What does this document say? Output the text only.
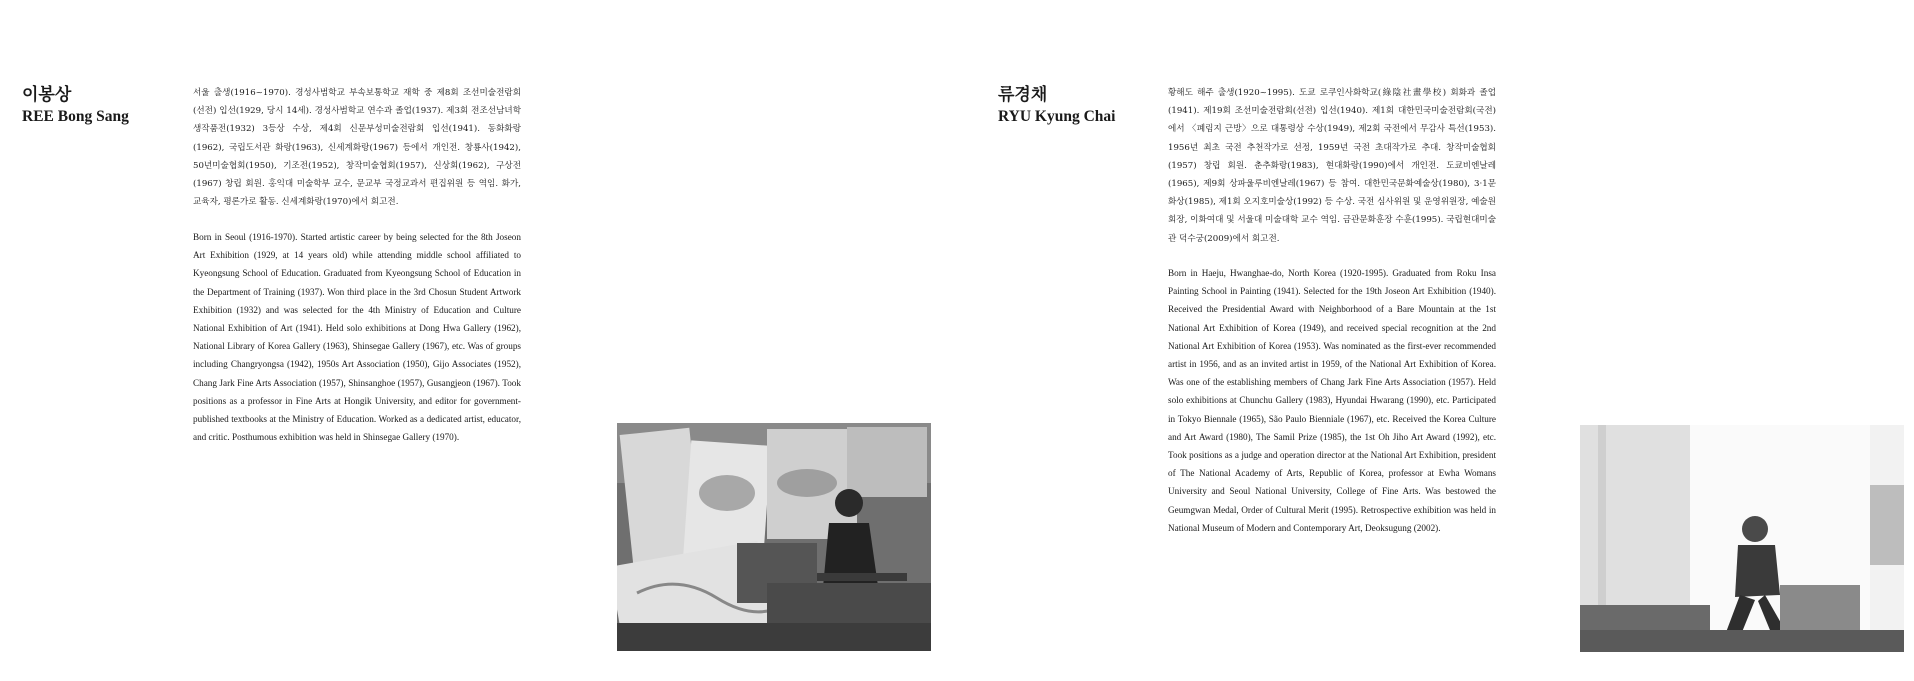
이봉상
REE Bong Sang
서울 출생(1916~1970). 경성사범학교 부속보통학교 재학 중 제8회 조선미술전람회(선전) 입선(1929, 당시 14세). 경성사범학교 연수과 졸업(1937). 제3회 전조선남녀학생작품전(1932) 3등상 수상, 제4회 신문부성미술전람회 입선(1941). 동화화랑(1962), 국립도서관 화랑(1963), 신세계화랑(1967) 등에서 개인전. 창룡사(1942), 50년미술협회(1950), 기조전(1952), 창작미술협회(1957), 신상회(1962), 구상전(1967) 창립 회원. 홍익대 미술학부 교수, 문교부 국정교과서 편집위원 등 역임. 화가, 교육자, 평론가로 활동. 신세계화랑(1970)에서 회고전.
Born in Seoul (1916-1970). Started artistic career by being selected for the 8th Joseon Art Exhibition (1929, at 14 years old) while attending middle school affiliated to Kyeongsung School of Education. Graduated from Kyeongsung School of Education in the Department of Training (1937). Won third place in the 3rd Chosun Student Artwork Exhibition (1932) and was selected for the 4th Ministry of Education and Culture National Exhibition of Art (1941). Held solo exhibitions at Dong Hwa Gallery (1962), National Library of Korea Gallery (1963), Shinsegae Gallery (1967), etc. Was of groups including Changryongsa (1942), 1950s Art Association (1950), Gijo Associates (1952), Chang Jark Fine Arts Association (1957), Shinsanghoe (1957), Gusangjeon (1967). Took positions as a professor in Fine Arts at Hongik University, and editor for government-published textbooks at the Ministry of Education. Worked as a dedicated artist, educator, and critic. Posthumous exhibition was held in Shinsegae Gallery (1970).
류경채
RYU Kyung Chai
황해도 해주 출생(1920~1995). 도쿄 로쿠인사화학교(綠陰社畫學校) 회화과 졸업(1941). 제19회 조선미술전람회(선전) 입선(1940). 제1회 대한민국미술전람회(국전)에서 〈폐림지 근방〉으로 대통령상 수상(1949), 제2회 국전에서 무감사 특선(1953). 1956년 최초 국전 추천작가로 선정, 1959년 국전 초대작가로 추대. 창작미술협회(1957) 창립 회원. 춘추화랑(1983), 현대화랑(1990)에서 개인전. 도쿄비엔날레(1965), 제9회 상파울루비엔날레(1967) 등 참여. 대한민국문화예술상(1980), 3·1문화상(1985), 제1회 오지호미술상(1992) 등 수상. 국전 심사위원 및 운영위원장, 예술원 회장, 이화여대 및 서울대 미술대학 교수 역임. 금관문화훈장 수훈(1995). 국립현대미술관 덕수궁(2009)에서 회고전.
Born in Haeju, Hwanghae-do, North Korea (1920-1995). Graduated from Roku Insa Painting School in Painting (1941). Selected for the 19th Joseon Art Exhibition (1940). Received the Presidential Award with Neighborhood of a Bare Mountain at the 1st National Art Exhibition of Korea (1949), and received special recognition at the 2nd National Art Exhibition of Korea (1953). Was nominated as the first-ever recommended artist in 1956, and as an invited artist in 1959, of the National Art Exhibition of Korea. Was one of the establishing members of Chang Jark Fine Arts Association (1957). Held solo exhibitions at Chunchu Gallery (1983), Hyundai Hwarang (1990), etc. Participated in Tokyo Biennale (1965), São Paulo Bienniale (1967), etc. Received the Korea Culture and Art Award (1980), The Samil Prize (1985), the 1st Oh Jiho Art Award (1992), etc. Took positions as a judge and operation director at the National Art Exhibition, president of The National Academy of Arts, Republic of Korea, professor at Ewha Womans University and Seoul National University, College of Fine Arts. Was bestowed the Geumgwan Medal, Order of Cultural Merit (1995). Retrospective exhibition was held in National Museum of Modern and Contemporary Art, Deoksugung (2002).
